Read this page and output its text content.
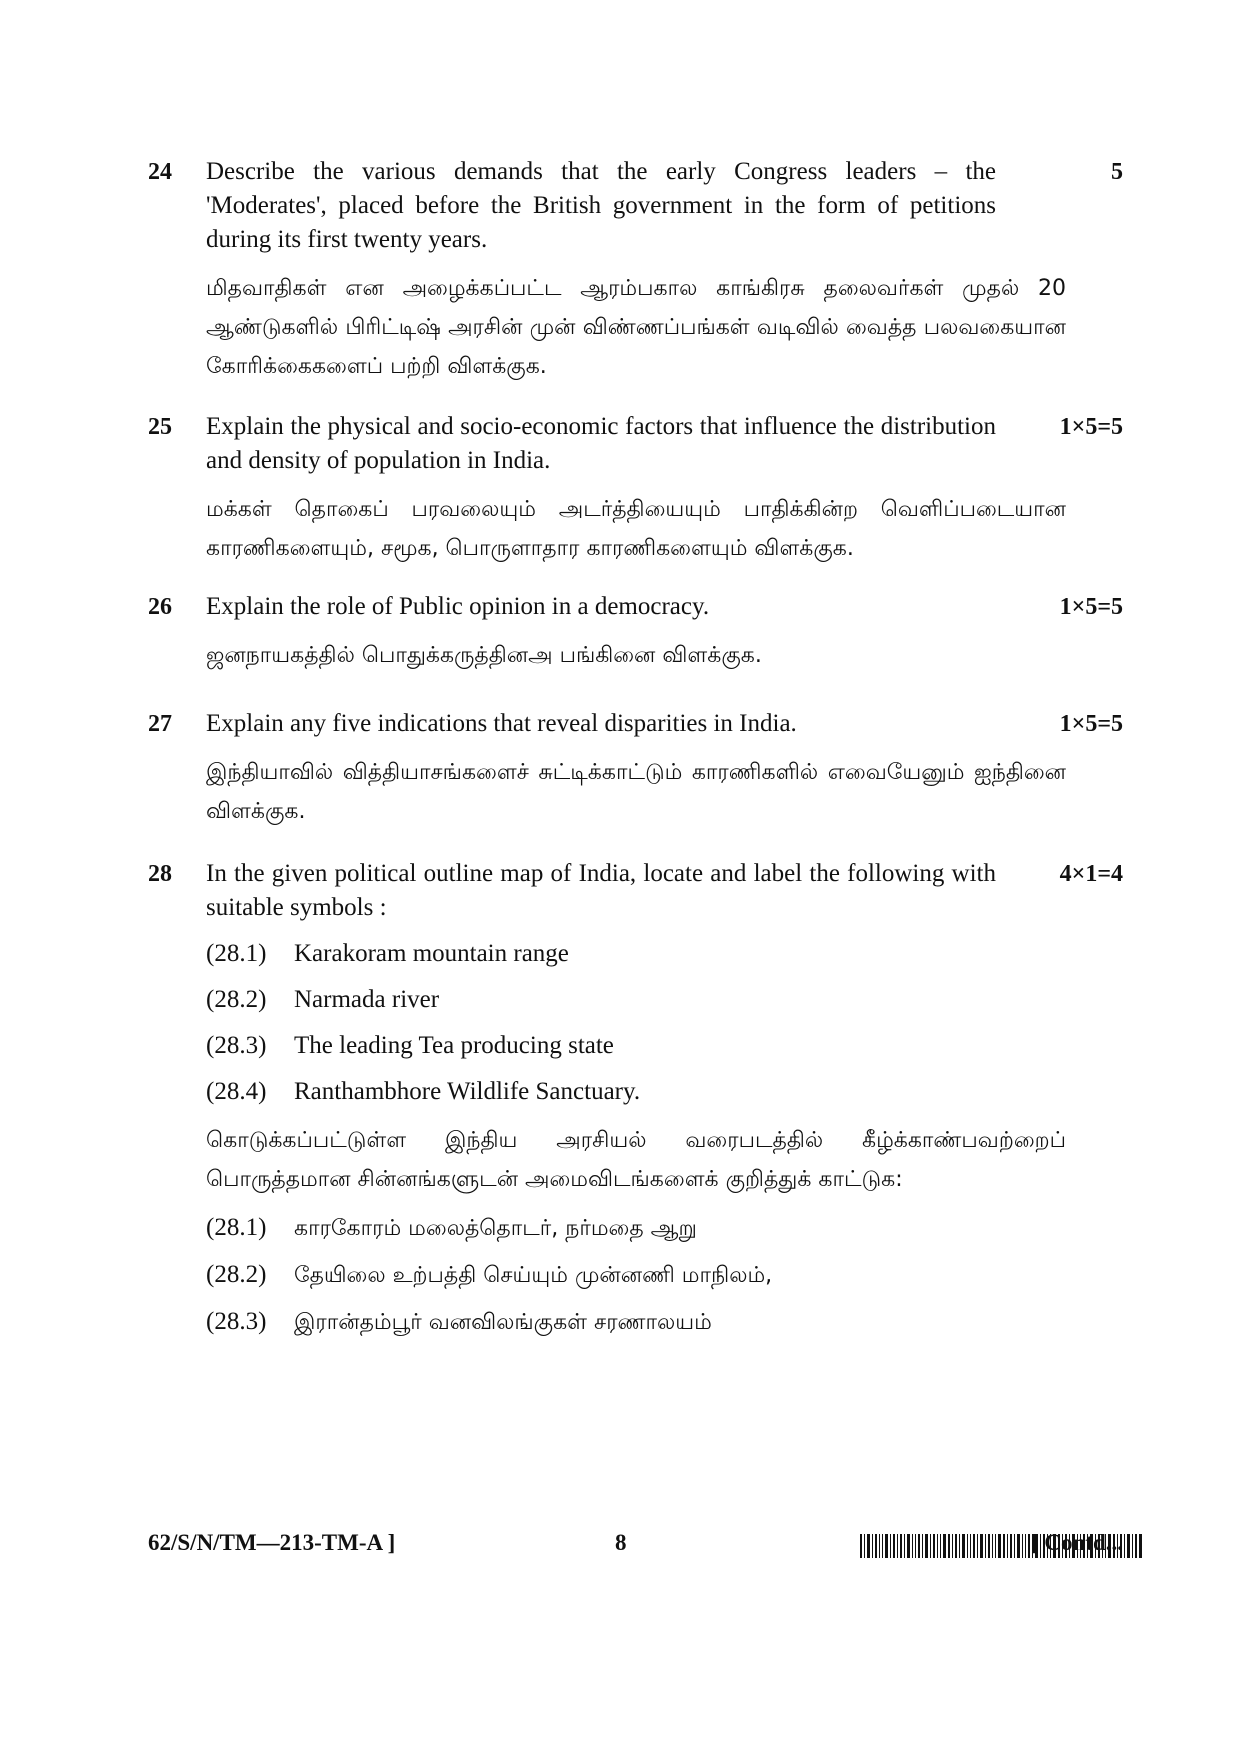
24	5
Describe the various demands that the early Congress leaders – the 'Moderates', placed before the British government in the form of petitions during its first twenty years.
மிதவாதிகள் என அழைக்கப்பட்ட ஆரம்பகால காங்கிரசு தலைவர்கள் முதல் 20 ஆண்டுகளில் பிரிட்டிஷ் அரசின் முன் விண்ணப்பங்கள் வடிவில் வைத்த பலவகையான கோரிக்கைகளைப் பற்றி விளக்குக.
25	1×5=5
Explain the physical and socio-economic factors that influence the distribution and density of population in India.
மக்கள் தொகைப் பரவலையும் அடர்த்தியையும் பாதிக்கின்ற வெளிப்படையான காரணிகளையும், சமூக, பொருளாதார காரணிகளையும் விளக்குக.
26	1×5=5
Explain the role of Public opinion in a democracy.
ஜனநாயகத்தில் பொதுக்கருத்தினஅ பங்கினை விளக்குக.
27	1×5=5
Explain any five indications that reveal disparities in India.
இந்தியாவில் வித்தியாசங்களைச் சுட்டிக்காட்டும் காரணிகளில் எவையேனும் ஐந்தினை விளக்குக.
28	4×1=4
In the given political outline map of India, locate and label the following with suitable symbols :
(28.1) Karakoram mountain range
(28.2) Narmada river
(28.3) The leading Tea producing state
(28.4) Ranthambhore Wildlife Sanctuary.
கொடுக்கப்பட்டுள்ள இந்திய அரசியல் வரைபடத்தில் கீழ்க்காண்பவற்றைப் பொருத்தமான சின்னங்களுடன் அமைவிடங்களைக் குறித்துக் காட்டுக:
(28.1) காரகோரம் மலைத்தொடர், நர்மதை ஆறு
(28.2) தேயிலை உற்பத்தி செய்யும் முன்னணி மாநிலம்,
(28.3) இரான்தம்பூர் வனவிலங்குகள் சரணாலயம்
62/S/N/TM—213-TM-A ]	8	[ Contd...
